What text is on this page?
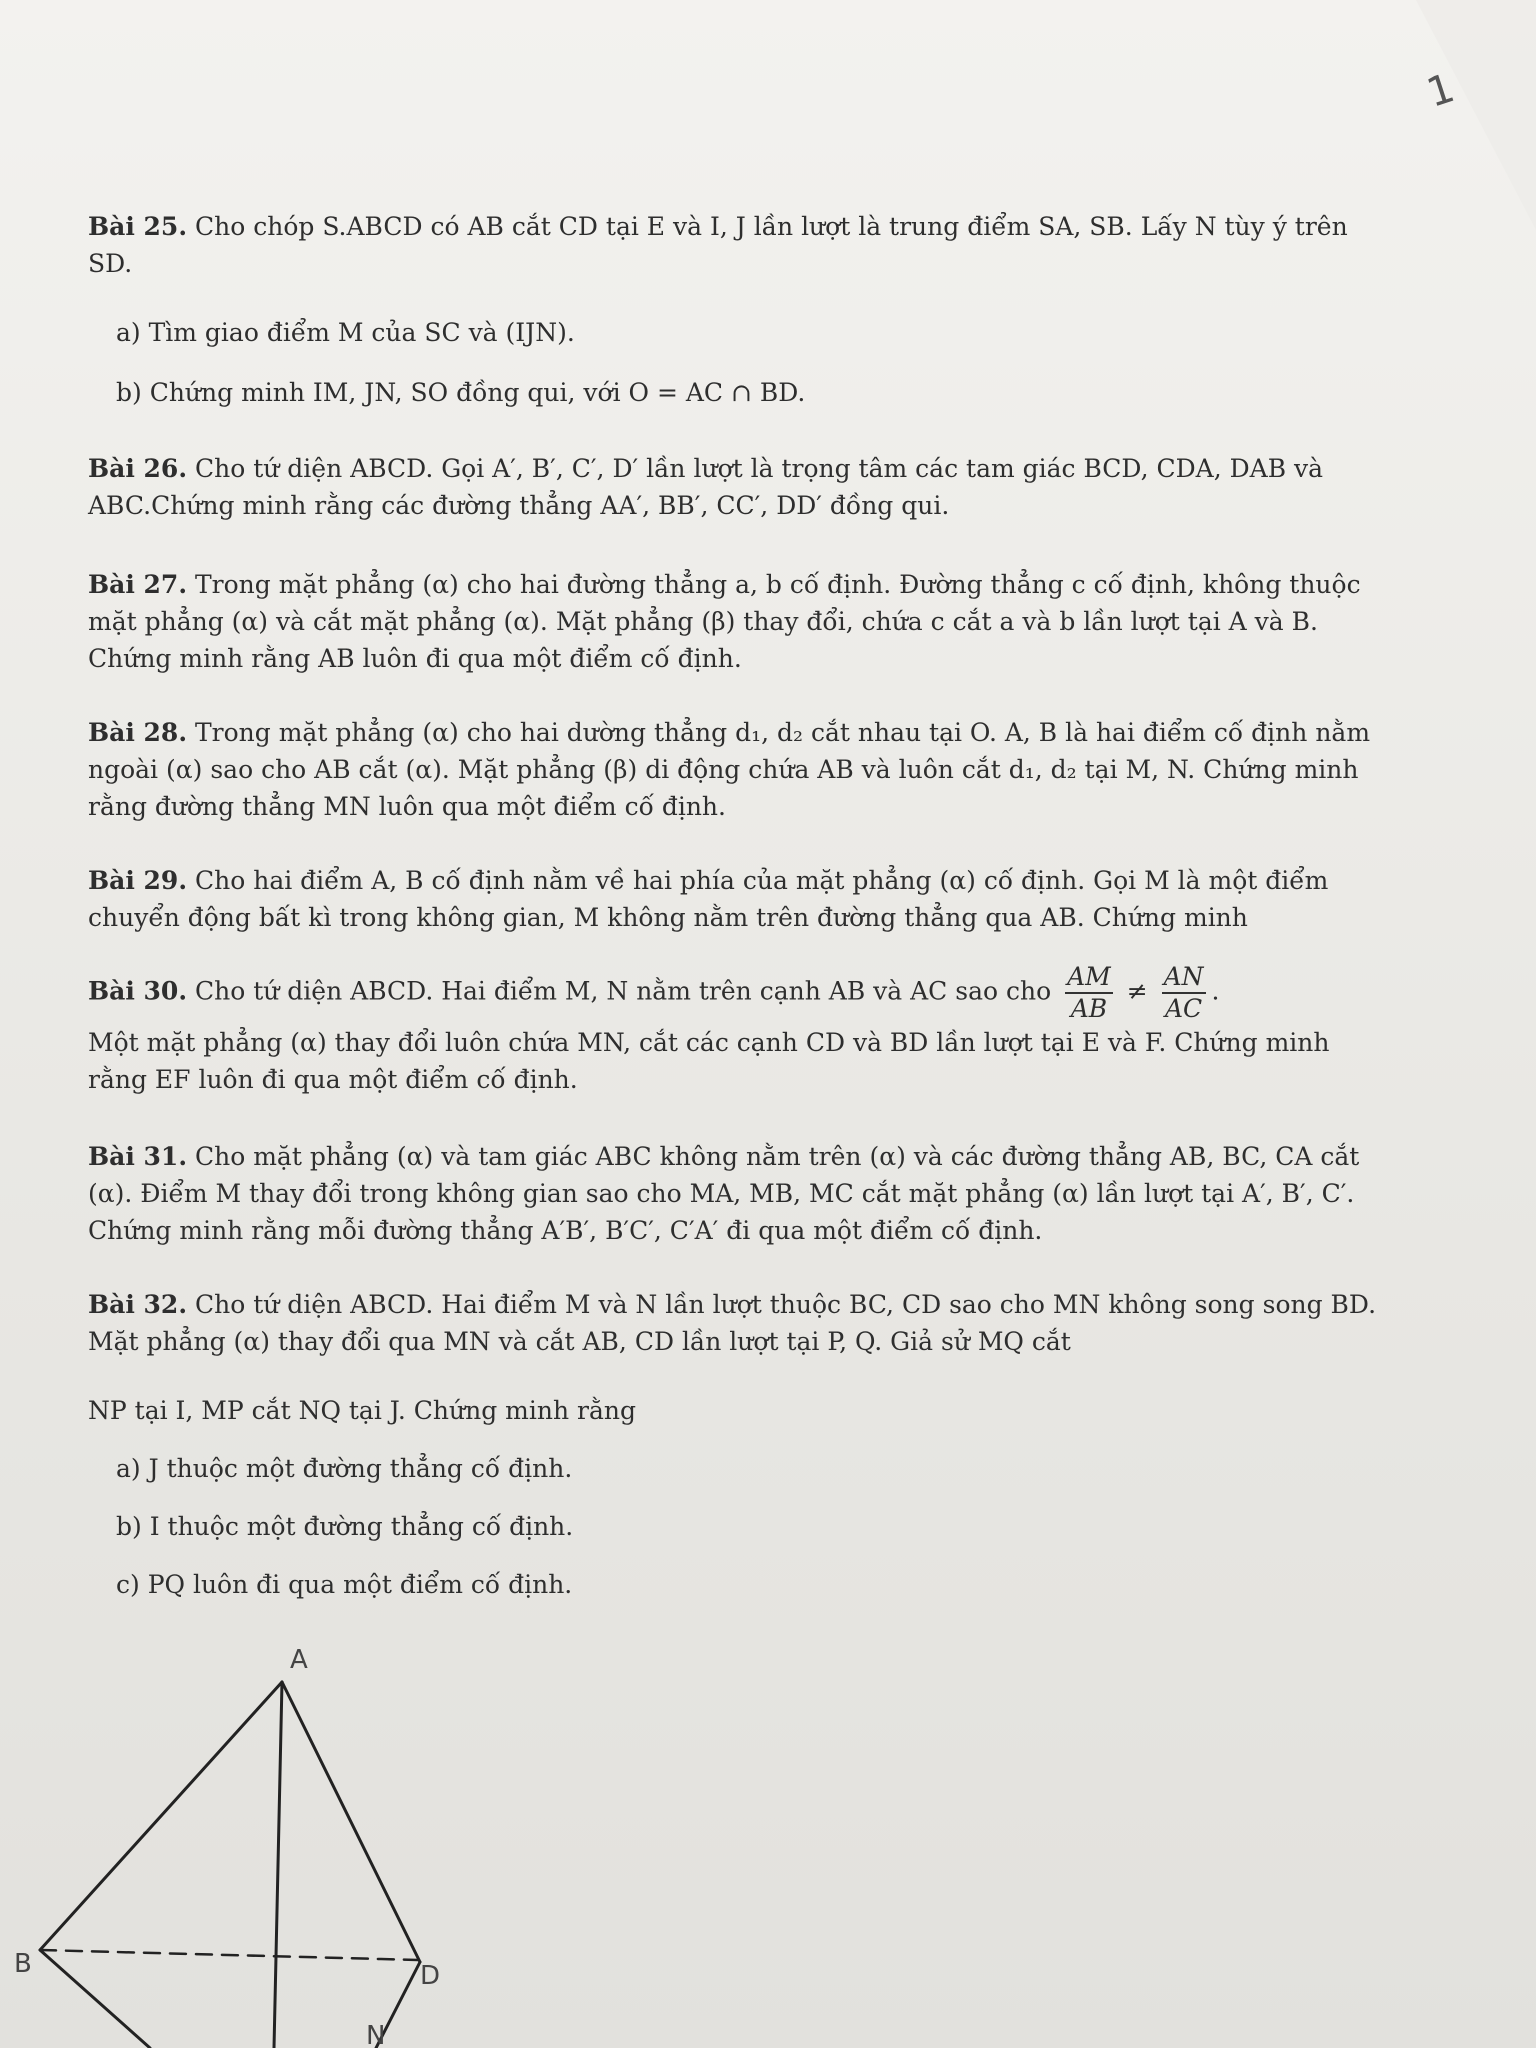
1

Bài 25. Cho chóp S.ABCD có AB cắt CD tại E và I, J lần lượt là trung điểm SA, SB. Lấy N tùy ý trên SD.

a) Tìm giao điểm M của SC và (IJN).
b) Chứng minh IM, JN, SO đồng qui, với O = AC ∩ BD.

Bài 26. Cho tứ diện ABCD. Gọi A′, B′, C′, D′ lần lượt là trọng tâm các tam giác BCD, CDA, DAB và ABC.Chứng minh rằng các đường thẳng AA′, BB′, CC′, DD′ đồng qui.

Bài 27. Trong mặt phẳng (α) cho hai đường thẳng a, b cố định. Đường thẳng c cố định, không thuộc mặt phẳng (α) và cắt mặt phẳng (α). Mặt phẳng (β) thay đổi, chứa c cắt a và b lần lượt tại A và B. Chứng minh rằng AB luôn đi qua một điểm cố định.

Bài 28. Trong mặt phẳng (α) cho hai dường thẳng d₁, d₂ cắt nhau tại O. A, B là hai điểm cố định nằm ngoài (α) sao cho AB cắt (α). Mặt phẳng (β) di động chứa AB và luôn cắt d₁, d₂ tại M, N. Chứng minh rằng đường thẳng MN luôn qua một điểm cố định.

Bài 29. Cho hai điểm A, B cố định nằm về hai phía của mặt phẳng (α) cố định. Gọi M là một điểm chuyển động bất kì trong không gian, M không nằm trên đường thẳng qua AB. Chứng minh

Bài 30. Cho tứ diện ABCD. Hai điểm M, N nằm trên cạnh AB và AC sao cho $\frac{AM}{AB} \ne \frac{AN}{AC}$ .

Một mặt phẳng (α) thay đổi luôn chứa MN, cắt các cạnh CD và BD lần lượt tại E và F. Chứng minh rằng EF luôn đi qua một điểm cố định.

Bài 31. Cho mặt phẳng (α) và tam giác ABC không nằm trên (α) và các đường thẳng AB, BC, CA cắt (α). Điểm M thay đổi trong không gian sao cho MA, MB, MC cắt mặt phẳng (α) lần lượt tại A′, B′, C′. Chứng minh rằng mỗi đường thẳng A′B′, B′C′, C′A′ đi qua một điểm cố định.

Bài 32. Cho tứ diện ABCD. Hai điểm M và N lần lượt thuộc BC, CD sao cho MN không song song BD. Mặt phẳng (α) thay đổi qua MN và cắt AB, CD lần lượt tại P, Q. Giả sử MQ cắt

NP tại I, MP cắt NQ tại J. Chứng minh rằng
a) J thuộc một đường thẳng cố định.
b) I thuộc một đường thẳng cố định.
c) PQ luôn đi qua một điểm cố định.
A
B	D
N
